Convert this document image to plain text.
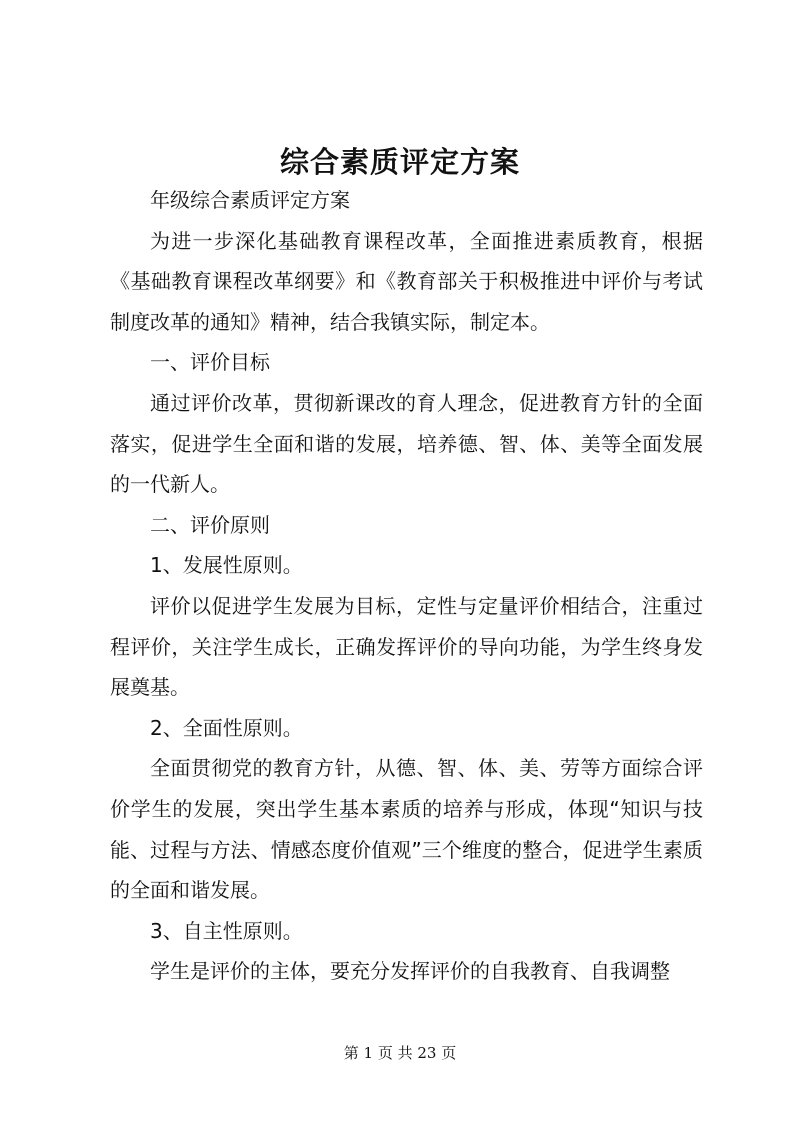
综合素质评定方案

年级综合素质评定方案

为进一步深化基础教育课程改革，全面推进素质教育，根据《基础教育课程改革纲要》和《教育部关于积极推进中评价与考试制度改革的通知》精神，结合我镇实际，制定本。

一、评价目标

通过评价改革，贯彻新课改的育人理念，促进教育方针的全面落实，促进学生全面和谐的发展，培养德、智、体、美等全面发展的一代新人。

二、评价原则

1、发展性原则。

评价以促进学生发展为目标，定性与定量评价相结合，注重过程评价，关注学生成长，正确发挥评价的导向功能，为学生终身发展奠基。

2、全面性原则。

全面贯彻党的教育方针，从德、智、体、美、劳等方面综合评价学生的发展，突出学生基本素质的培养与形成，体现“知识与技能、过程与方法、情感态度价值观”三个维度的整合，促进学生素质的全面和谐发展。

3、自主性原则。

学生是评价的主体，要充分发挥评价的自我教育、自我调整

第 1 页 共 23 页
